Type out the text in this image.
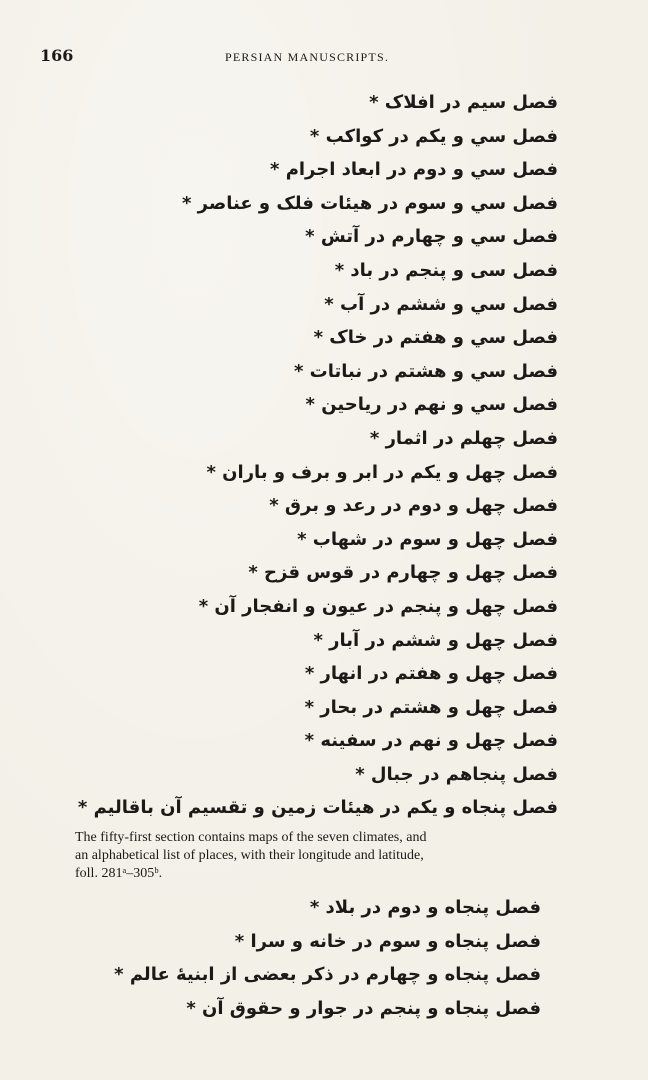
166	PERSIAN MANUSCRIPTS.
فصل سیم در افلاک *
فصل سي و يكم در كواكب *
فصل سي و دوم در ابعاد اجرام *
فصل سي و سوم در هيئات فلک و عناصر *
فصل سي و چهارم در آتش *
فصل سی و پنجم در باد *
فصل سي و ششم در آب *
فصل سي و هفتم در خاک *
فصل سي و هشتم در نباتات *
فصل سي و نهم در رياحين *
فصل چهلم در اثمار *
فصل چهل و یکم در ابر و برف و باران *
فصل چهل و دوم در رعد و برق *
فصل چهل و سوم در شهاب *
فصل چهل و چهارم در قوس قزح *
فصل چهل و پنجم در عيون و انفجار آن *
فصل چهل و ششم در آبار *
فصل چهل و هفتم در انهار *
فصل چهل و هشتم در بحار *
فصل چهل و نهم در سفينه *
فصل پنجاهم در جبال *
فصل پنجاه و يكم در هيئات زمين و تقسيم آن باقاليم *

The fifty-first section contains maps of the seven climates, and
an alphabetical list of places, with their longitude and latitude,
foll. 281ᵃ–305ᵇ.

فصل پنجاه و دوم در بلاد *
فصل پنجاه و سوم در خانه و سرا *
فصل پنجاه و چهارم در ذكر بعضى از ابنيهٔ عالم *
فصل پنجاه و پنجم در جوار و حقوق آن *
